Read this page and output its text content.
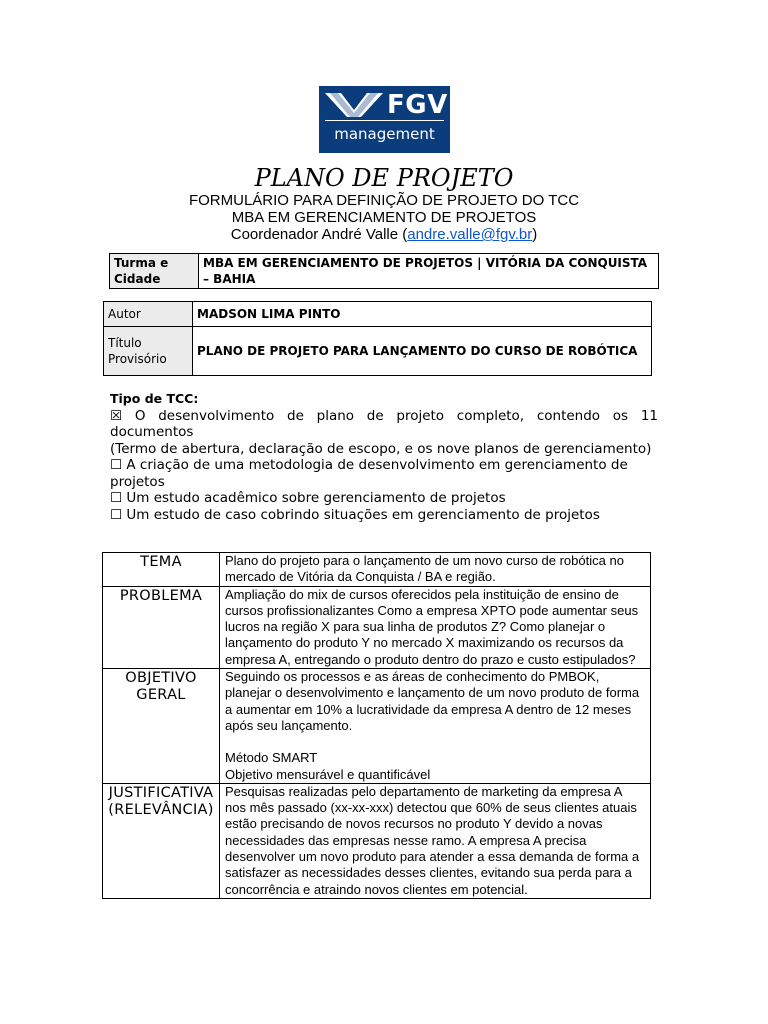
FGV
management
PLANO DE PROJETO
FORMULÁRIO PARA DEFINIÇÃO DE PROJETO DO TCC
MBA EM GERENCIAMENTO DE PROJETOS
Coordenador André Valle (andre.valle@fgv.br)
Turma e Cidade	MBA EM GERENCIAMENTO DE PROJETOS | VITÓRIA DA CONQUISTA – BAHIA
Autor	MADSON LIMA PINTO
Título Provisório	PLANO DE PROJETO PARA LANÇAMENTO DO CURSO DE ROBÓTICA
Tipo de TCC:
☒ O desenvolvimento de plano de projeto completo, contendo os 11 documentos
(Termo de abertura, declaração de escopo, e os nove planos de gerenciamento)
☐ A criação de uma metodologia de desenvolvimento em gerenciamento de projetos
☐ Um estudo acadêmico sobre gerenciamento de projetos
☐ Um estudo de caso cobrindo situações em gerenciamento de projetos
TEMA	Plano do projeto para o lançamento de um novo curso de robótica no mercado de Vitória da Conquista / BA e região.
PROBLEMA	Ampliação do mix de cursos oferecidos pela instituição de ensino de cursos profissionalizantes Como a empresa XPTO pode aumentar seus lucros na região X para sua linha de produtos Z? Como planejar o lançamento do produto Y no mercado X maximizando os recursos da empresa A, entregando o produto dentro do prazo e custo estipulados?
OBJETIVO GERAL	Seguindo os processos e as áreas de conhecimento do PMBOK, planejar o desenvolvimento e lançamento de um novo produto de forma a aumentar em 10% a lucratividade da empresa A dentro de 12 meses após seu lançamento.
Método SMART
Objetivo mensurável e quantificável

JUSTIFICATIVA (RELEVÂNCIA)	Pesquisas realizadas pelo departamento de marketing da empresa A nos mês passado (xx-xx-xxx) detectou que 60% de seus clientes atuais estão precisando de novos recursos no produto Y devido a novas necessidades das empresas nesse ramo. A empresa A precisa desenvolver um novo produto para atender a essa demanda de forma a satisfazer as necessidades desses clientes, evitando sua perda para a concorrência e atraindo novos clientes em potencial.
